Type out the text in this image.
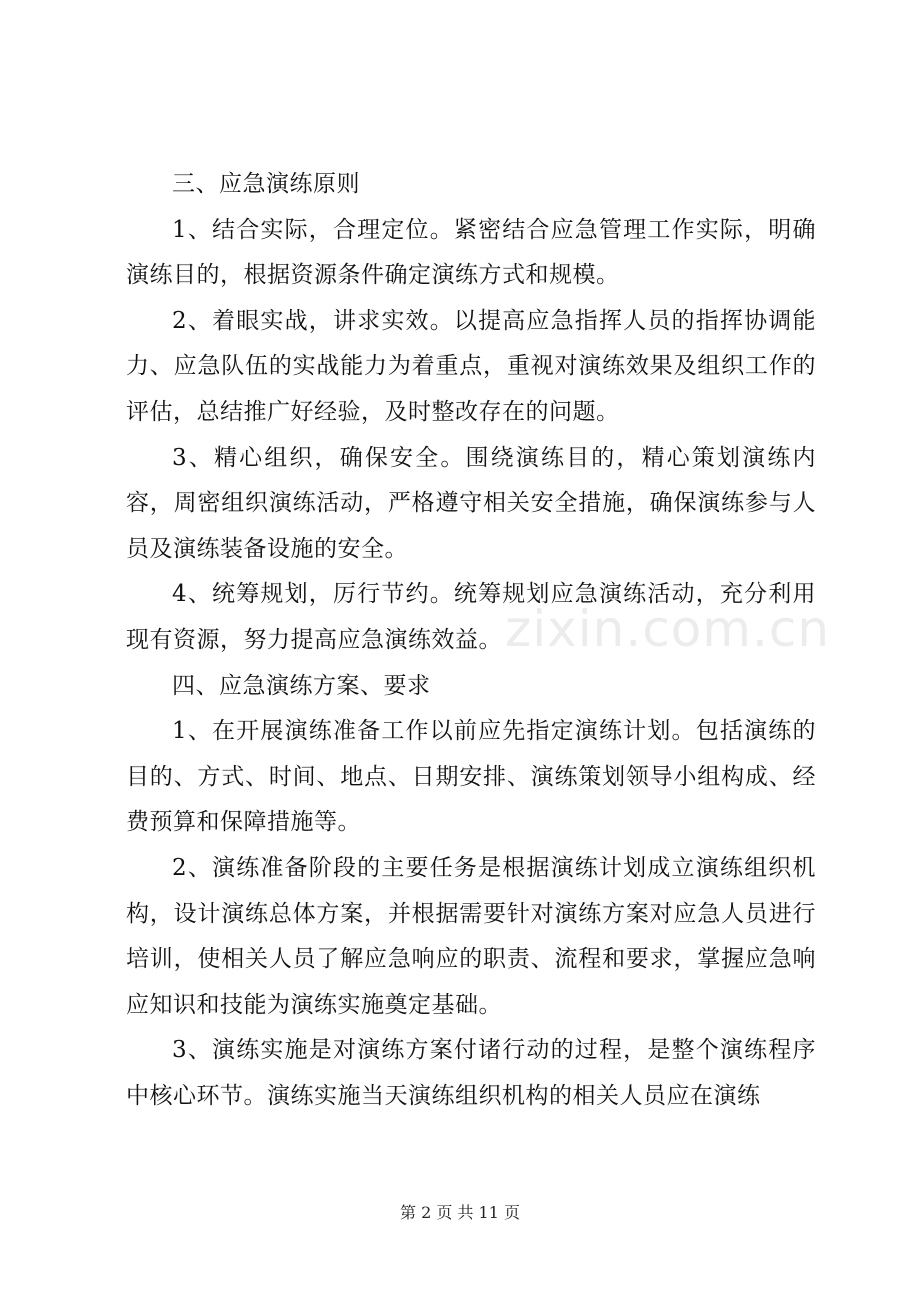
三、应急演练原则

1、结合实际，合理定位。紧密结合应急管理工作实际，明确演练目的，根据资源条件确定演练方式和规模。

2、着眼实战，讲求实效。以提高应急指挥人员的指挥协调能力、应急队伍的实战能力为着重点，重视对演练效果及组织工作的评估，总结推广好经验，及时整改存在的问题。

3、精心组织，确保安全。围绕演练目的，精心策划演练内容，周密组织演练活动，严格遵守相关安全措施，确保演练参与人员及演练装备设施的安全。

4、统筹规划，厉行节约。统筹规划应急演练活动，充分利用现有资源，努力提高应急演练效益。

四、应急演练方案、要求

1、在开展演练准备工作以前应先指定演练计划。包括演练的目的、方式、时间、地点、日期安排、演练策划领导小组构成、经费预算和保障措施等。

2、演练准备阶段的主要任务是根据演练计划成立演练组织机构，设计演练总体方案，并根据需要针对演练方案对应急人员进行培训，使相关人员了解应急响应的职责、流程和要求，掌握应急响应知识和技能为演练实施奠定基础。

3、演练实施是对演练方案付诸行动的过程，是整个演练程序中核心环节。演练实施当天演练组织机构的相关人员应在演练

zixin.com.cn
第 2 页 共 11 页
